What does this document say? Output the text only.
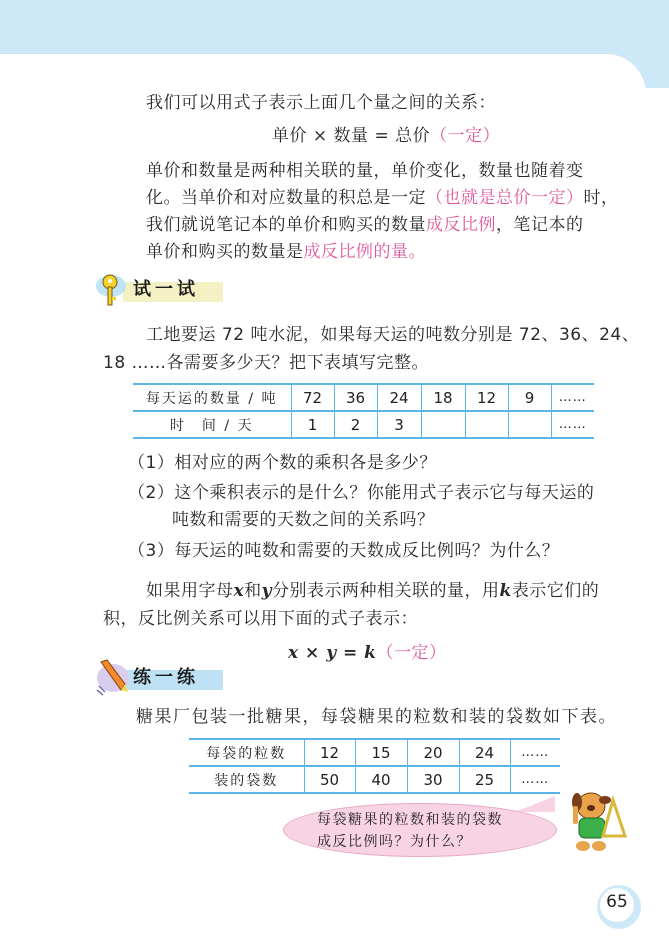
我们可以用式子表示上面几个量之间的关系：
单价 × 数量 = 总价（一定）
单价和数量是两种相关联的量，单价变化，数量也随着变
化。当单价和对应数量的积总是一定（也就是总价一定）时，
我们就说笔记本的单价和购买的数量成反比例，笔记本的
单价和购买的数量是成反比例的量。
试一试
工地要运 72 吨水泥，如果每天运的吨数分别是 72、36、24、
18 ……各需要多少天？把下表填写完整。
每天运的数量 / 吨	72	36	24	18	12	9	……
时　间 / 天	1	2	3				……
（1）相对应的两个数的乘积各是多少？
（2）这个乘积表示的是什么？你能用式子表示它与每天运的
吨数和需要的天数之间的关系吗？
（3）每天运的吨数和需要的天数成反比例吗？为什么？
如果用字母x和y分别表示两种相关联的量，用k表示它们的
积，反比例关系可以用下面的式子表示：
x × y = k（一定）
练一练
糖果厂包装一批糖果，每袋糖果的粒数和装的袋数如下表。
每袋的粒数	12	15	20	24	……
装的袋数	50	40	30	25	……
每袋糖果的粒数和装的袋数
成反比例吗？为什么？
65
